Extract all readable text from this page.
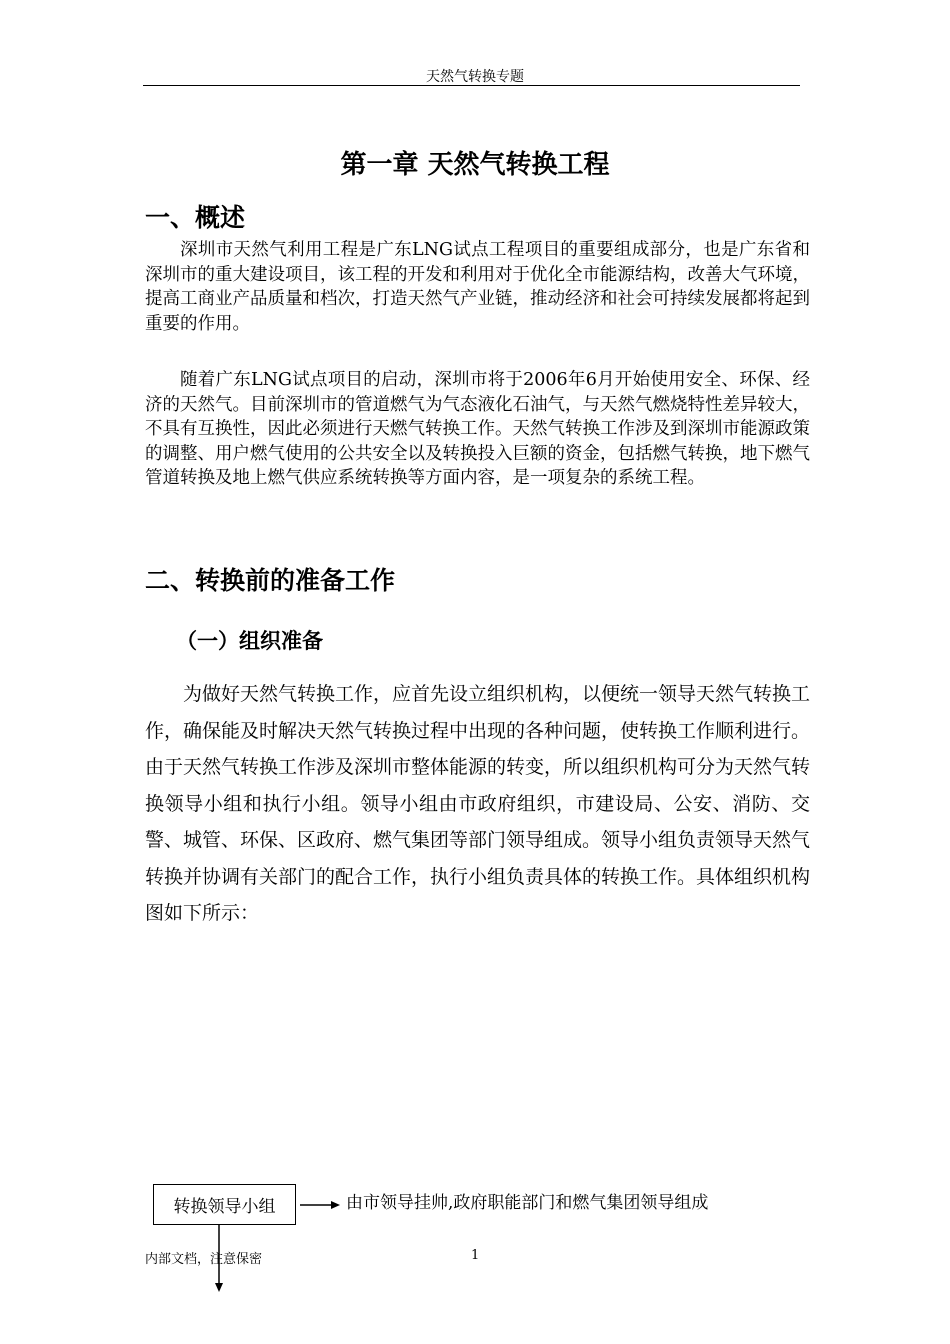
天然气转换专题
第一章 天然气转换工程
一、概述

深圳市天然气利用工程是广东LNG试点工程项目的重要组成部分，也是广东省和深圳市的重大建设项目，该工程的开发和利用对于优化全市能源结构，改善大气环境，提高工商业产品质量和档次，打造天然气产业链，推动经济和社会可持续发展都将起到重要的作用。

随着广东LNG试点项目的启动，深圳市将于2006年6月开始使用安全、环保、经济的天然气。目前深圳市的管道燃气为气态液化石油气，与天然气燃烧特性差异较大，不具有互换性，因此必须进行天燃气转换工作。天然气转换工作涉及到深圳市能源政策的调整、用户燃气使用的公共安全以及转换投入巨额的资金，包括燃气转换，地下燃气管道转换及地上燃气供应系统转换等方面内容，是一项复杂的系统工程。

二、转换前的准备工作
（一）组织准备

为做好天然气转换工作，应首先设立组织机构，以便统一领导天然气转换工作，确保能及时解决天然气转换过程中出现的各种问题，使转换工作顺利进行。由于天然气转换工作涉及深圳市整体能源的转变，所以组织机构可分为天然气转换领导小组和执行小组。领导小组由市政府组织，市建设局、公安、消防、交警、城管、环保、区政府、燃气集团等部门领导组成。领导小组负责领导天然气转换并协调有关部门的配合工作，执行小组负责具体的转换工作。具体组织机构图如下所示：

转换领导小组	由市领导挂帅,政府职能部门和燃气集团领导组成
内部文档，注意保密	1
